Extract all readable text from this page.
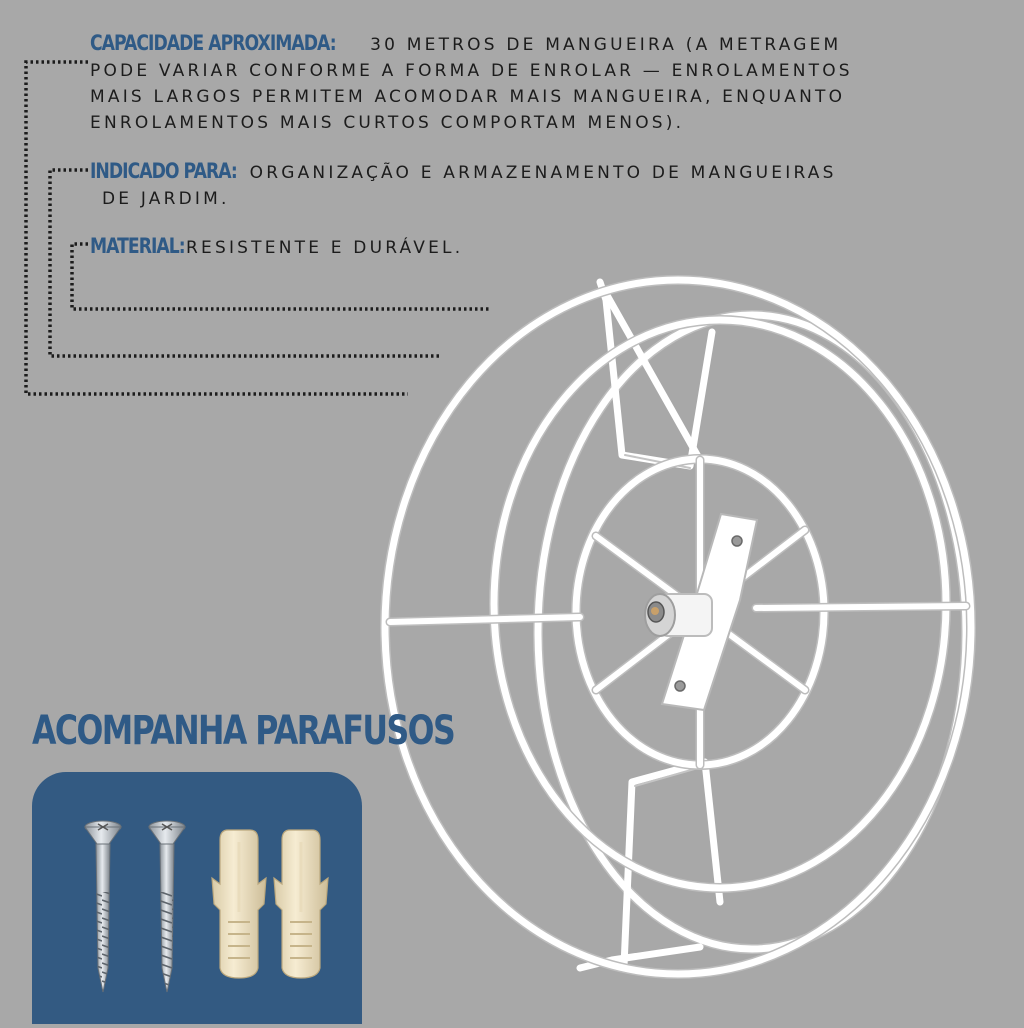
CAPACIDADE APROXIMADA: 30 METROS DE MANGUEIRA (A METRAGEM PODE VARIAR CONFORME A FORMA DE ENROLAR — ENROLAMENTOS MAIS LARGOS PERMITEM ACOMODAR MAIS MANGUEIRA, ENQUANTO ENROLAMENTOS MAIS CURTOS COMPORTAM MENOS).

INDICADO PARA: ORGANIZAÇÃO E ARMAZENAMENTO DE MANGUEIRAS
DE JARDIM.

MATERIAL: RESISTENTE E DURÁVEL.

ACOMPANHA PARAFUSOS
